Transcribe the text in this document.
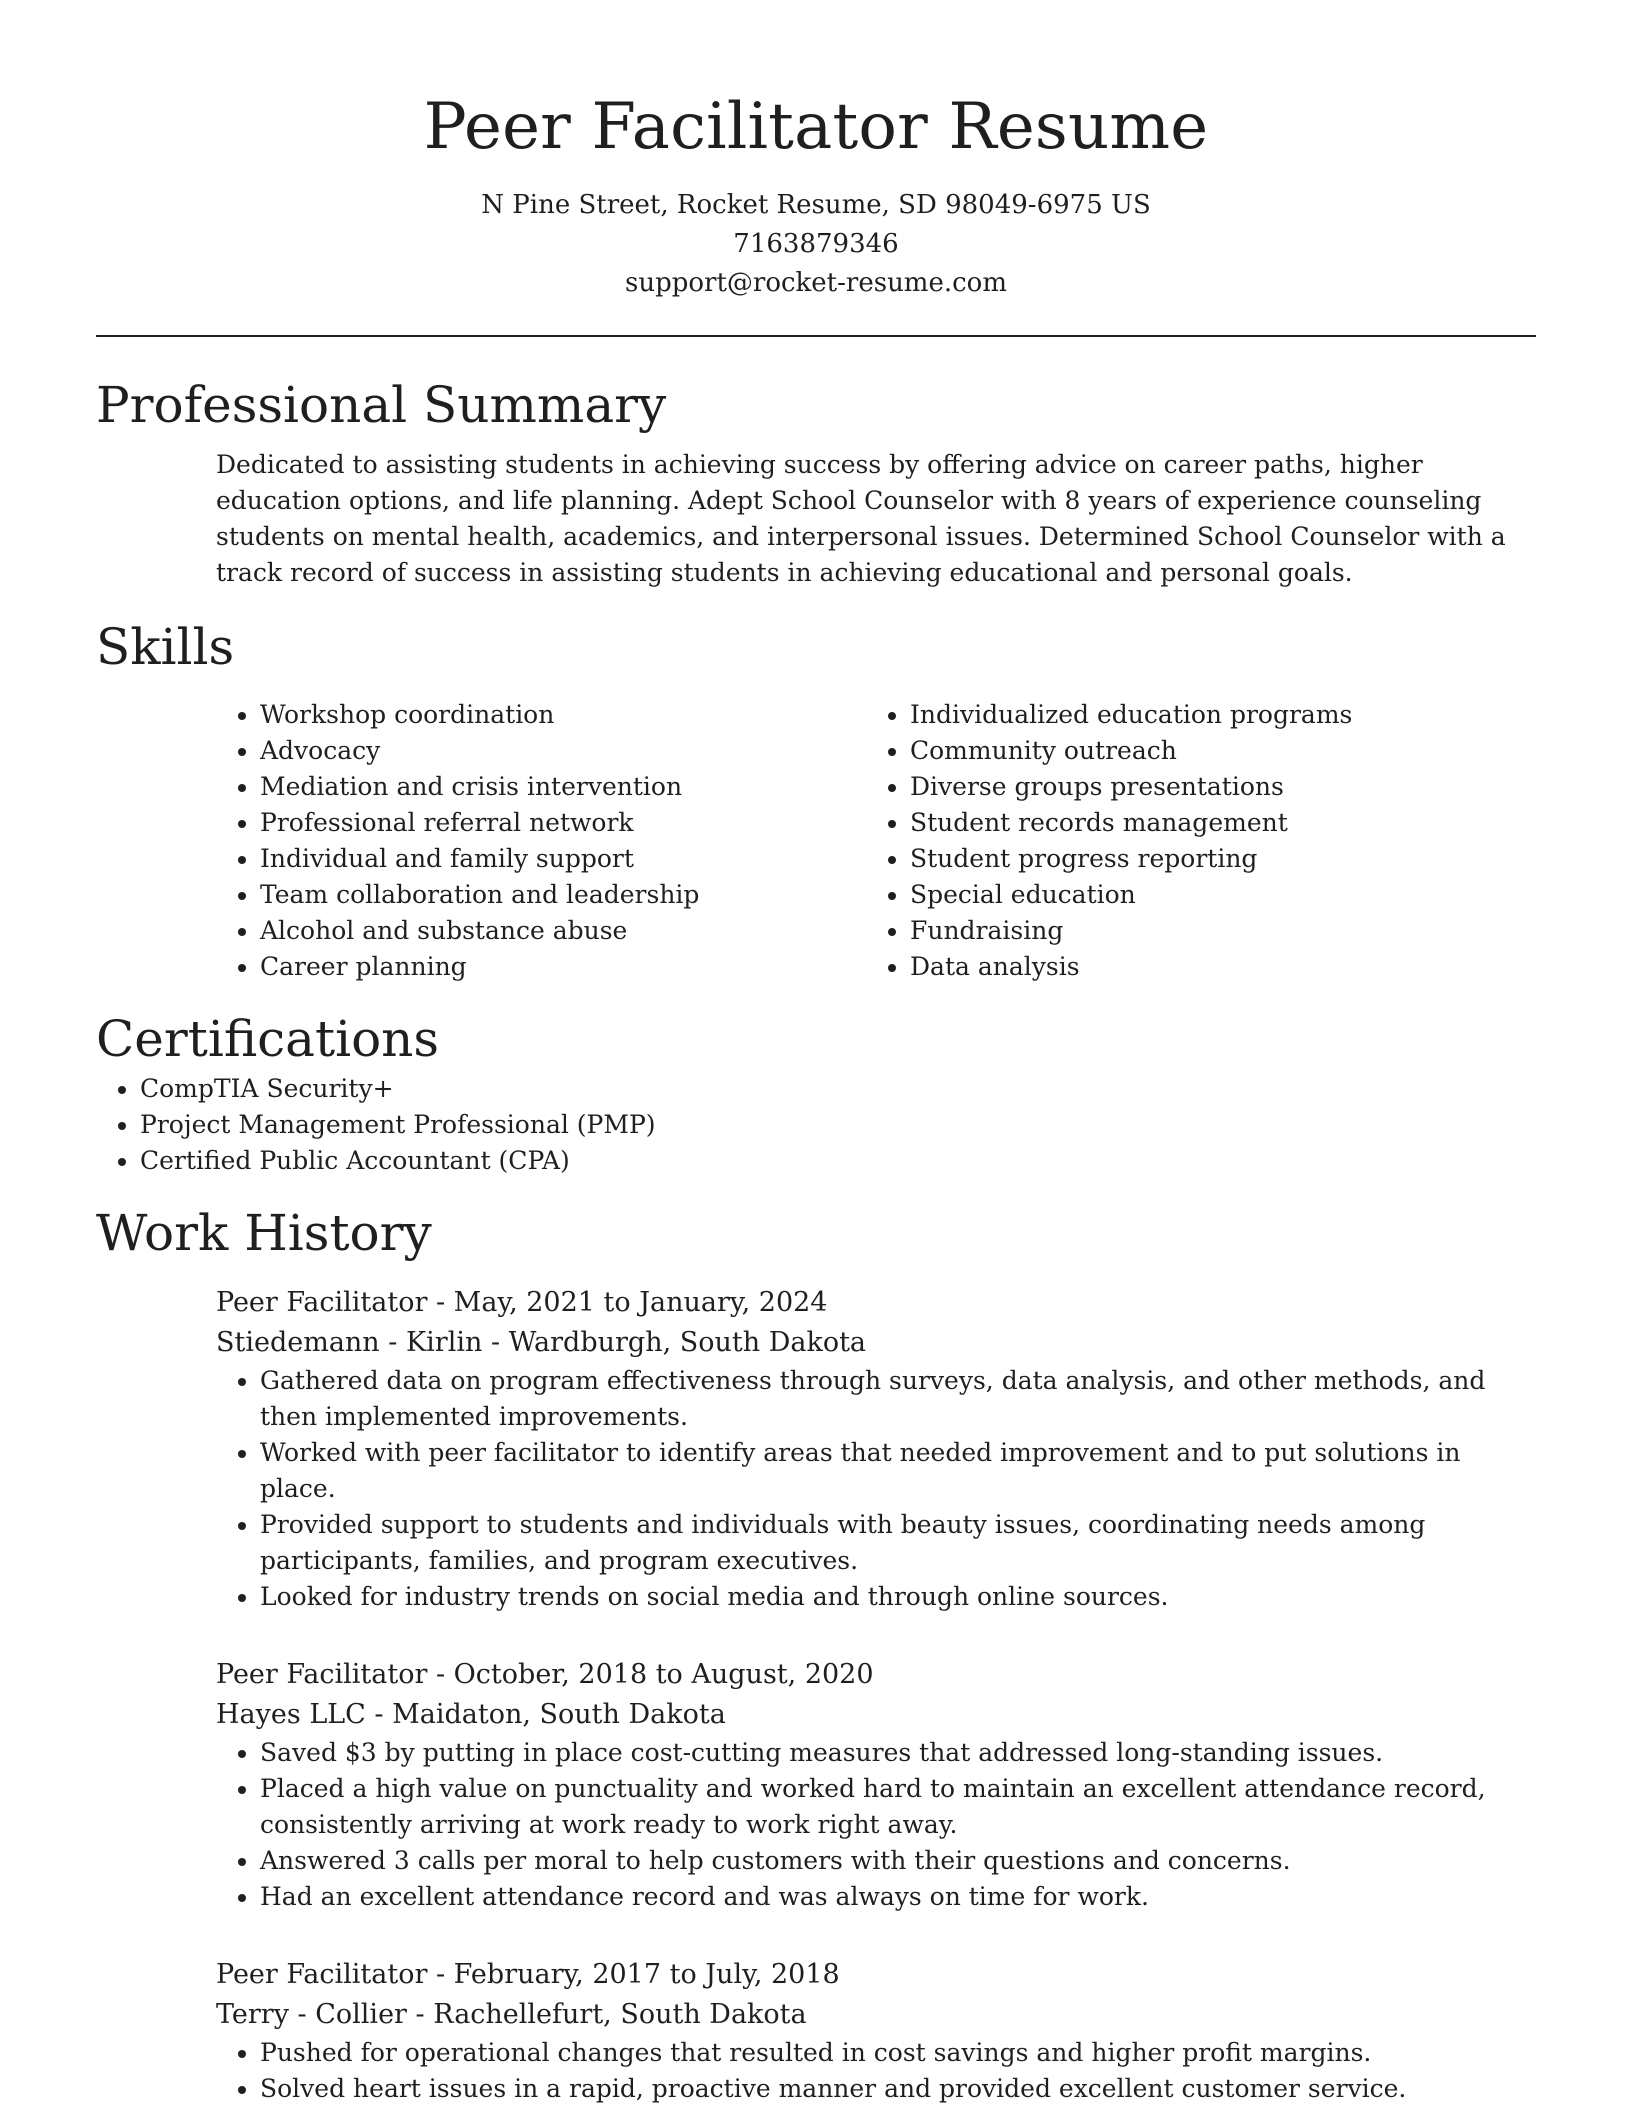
Peer Facilitator Resume
N Pine Street, Rocket Resume, SD 98049-6975 US
7163879346
support@rocket-resume.com
Professional Summary

Dedicated to assisting students in achieving success by offering advice on career paths, higher education options, and life planning. Adept School Counselor with 8 years of experience counseling students on mental health, academics, and interpersonal issues. Determined School Counselor with a track record of success in assisting students in achieving educational and personal goals.

Skills
• Workshop coordination
• Advocacy
• Mediation and crisis intervention
• Professional referral network
• Individual and family support
• Team collaboration and leadership
• Alcohol and substance abuse
• Career planning
• Individualized education programs
• Community outreach
• Diverse groups presentations
• Student records management
• Student progress reporting
• Special education
• Fundraising
• Data analysis
Certifications
• CompTIA Security+
• Project Management Professional (PMP)
• Certified Public Accountant (CPA)
Work History
Peer Facilitator - May, 2021 to January, 2024
Stiedemann - Kirlin - Wardburgh, South Dakota
• Gathered data on program effectiveness through surveys, data analysis, and other methods, and then implemented improvements.
• Worked with peer facilitator to identify areas that needed improvement and to put solutions in place.
• Provided support to students and individuals with beauty issues, coordinating needs among participants, families, and program executives.
• Looked for industry trends on social media and through online sources.
Peer Facilitator - October, 2018 to August, 2020
Hayes LLC - Maidaton, South Dakota
• Saved $3 by putting in place cost-cutting measures that addressed long-standing issues.
• Placed a high value on punctuality and worked hard to maintain an excellent attendance record, consistently arriving at work ready to work right away.
• Answered 3 calls per moral to help customers with their questions and concerns.
• Had an excellent attendance record and was always on time for work.
Peer Facilitator - February, 2017 to July, 2018
Terry - Collier - Rachellefurt, South Dakota
• Pushed for operational changes that resulted in cost savings and higher profit margins.
• Solved heart issues in a rapid, proactive manner and provided excellent customer service.
